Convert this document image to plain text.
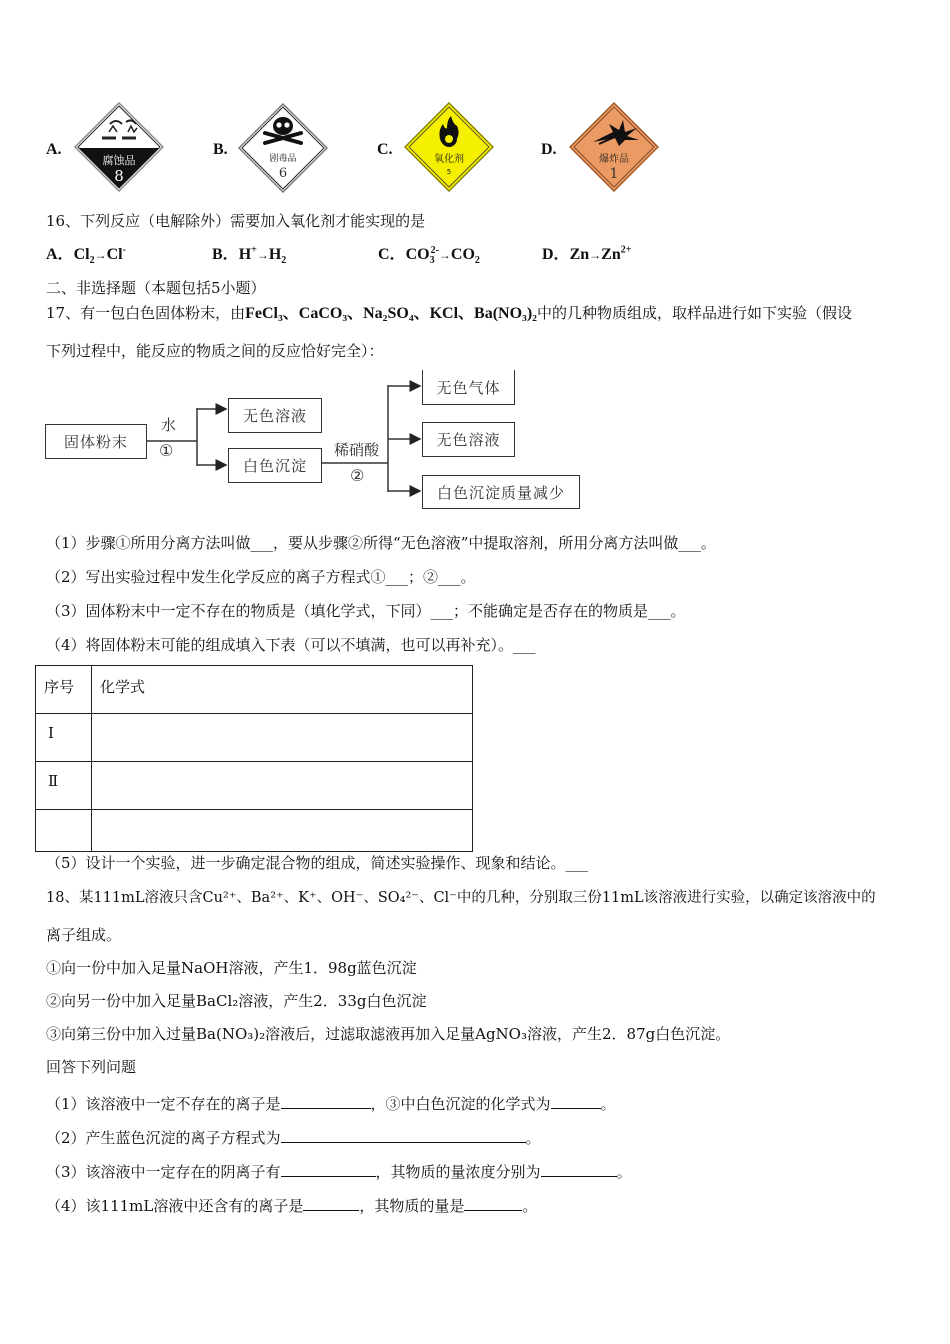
A.
腐蚀品
8
B.
剧毒品
6
C.
氧化剂
5
D.
爆炸品
1
16、下列反应（电解除外）需要加入氧化剂才能实现的是
A．$Cl_2\to Cl^-$	B．$H^+\to H_2$	C．$CO_3^{2-}\to CO_2$	D．$Zn\to Zn^{2+}$
二、非选择题（本题包括5小题）
17、有一包白色固体粉末，由FeCl₃、CaCO₃、Na₂SO₄、KCl、Ba(NO₃)₂中的几种物质组成，取样品进行如下实验（假设
下列过程中，能反应的物质之间的反应恰好完全）：
固体粉末
水
①
无色溶液
白色沉淀
稀硝酸
②
无色气体
无色溶液
白色沉淀质量减少
（1）步骤①所用分离方法叫做___，要从步骤②所得“无色溶液”中提取溶剂，所用分离方法叫做___。
（2）写出实验过程中发生化学反应的离子方程式①___；②___。
（3）固体粉末中一定不存在的物质是（填化学式，下同）___；不能确定是否存在的物质是___。
（4）将固体粉末可能的组成填入下表（可以不填满，也可以再补充）。___
序号	化学式
Ⅰ	
Ⅱ	

（5）设计一个实验，进一步确定混合物的组成，简述实验操作、现象和结论。___
18、某111mL溶液只含Cu²⁺、Ba²⁺、K⁺、OH⁻、SO₄²⁻、Cl⁻中的几种，分别取三份11mL该溶液进行实验，以确定该溶液中的
离子组成。
①向一份中加入足量NaOH溶液，产生1．98g蓝色沉淀
②向另一份中加入足量BaCl₂溶液，产生2．33g白色沉淀
③向第三份中加入过量Ba(NO₃)₂溶液后，过滤取滤液再加入足量AgNO₃溶液，产生2．87g白色沉淀。
回答下列问题
（1）该溶液中一定不存在的离子是	，③中白色沉淀的化学式为	。
（2）产生蓝色沉淀的离子方程式为	。
（3）该溶液中一定存在的阴离子有	，其物质的量浓度分别为	。
（4）该111mL溶液中还含有的离子是	，其物质的量是	。
